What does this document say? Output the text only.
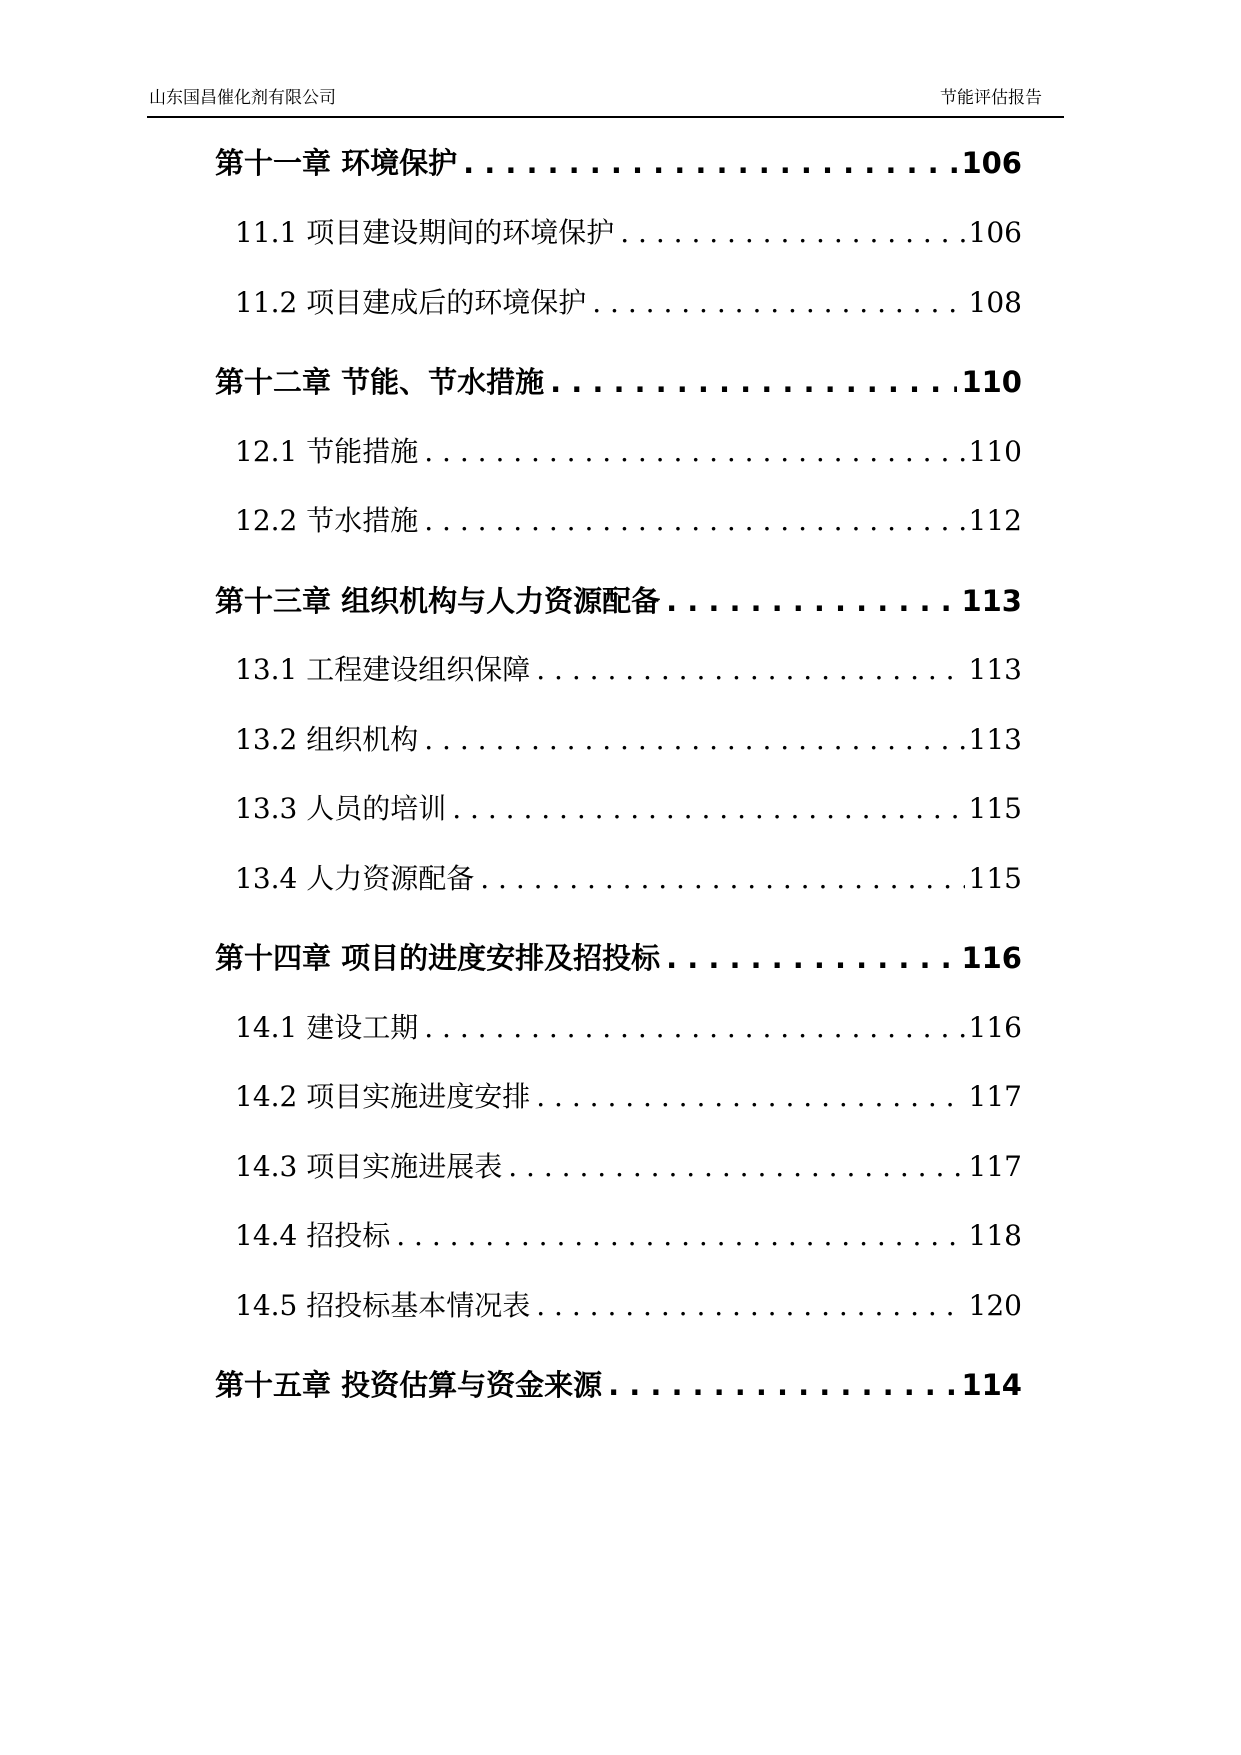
山东国昌催化剂有限公司	节能评估报告
第十一章 环境保护 . . .	106
11.1 项目建设期间的环境保护 . . .	106
11.2 项目建成后的环境保护 . . .	108
第十二章 节能、节水措施 . . .	110
12.1 节能措施 . . .	110
12.2 节水措施 . . .	112
第十三章 组织机构与人力资源配备 . . .	113
13.1 工程建设组织保障 . . .	113
13.2 组织机构 . . .	113
13.3 人员的培训 . . .	115
13.4 人力资源配备 . . .	115
第十四章 项目的进度安排及招投标 . . .	116
14.1 建设工期 . . .	116
14.2 项目实施进度安排 . . .	117
14.3 项目实施进展表 . . .	117
14.4 招投标 . . .	118
14.5 招投标基本情况表 . . .	120
第十五章 投资估算与资金来源 . . .	114
